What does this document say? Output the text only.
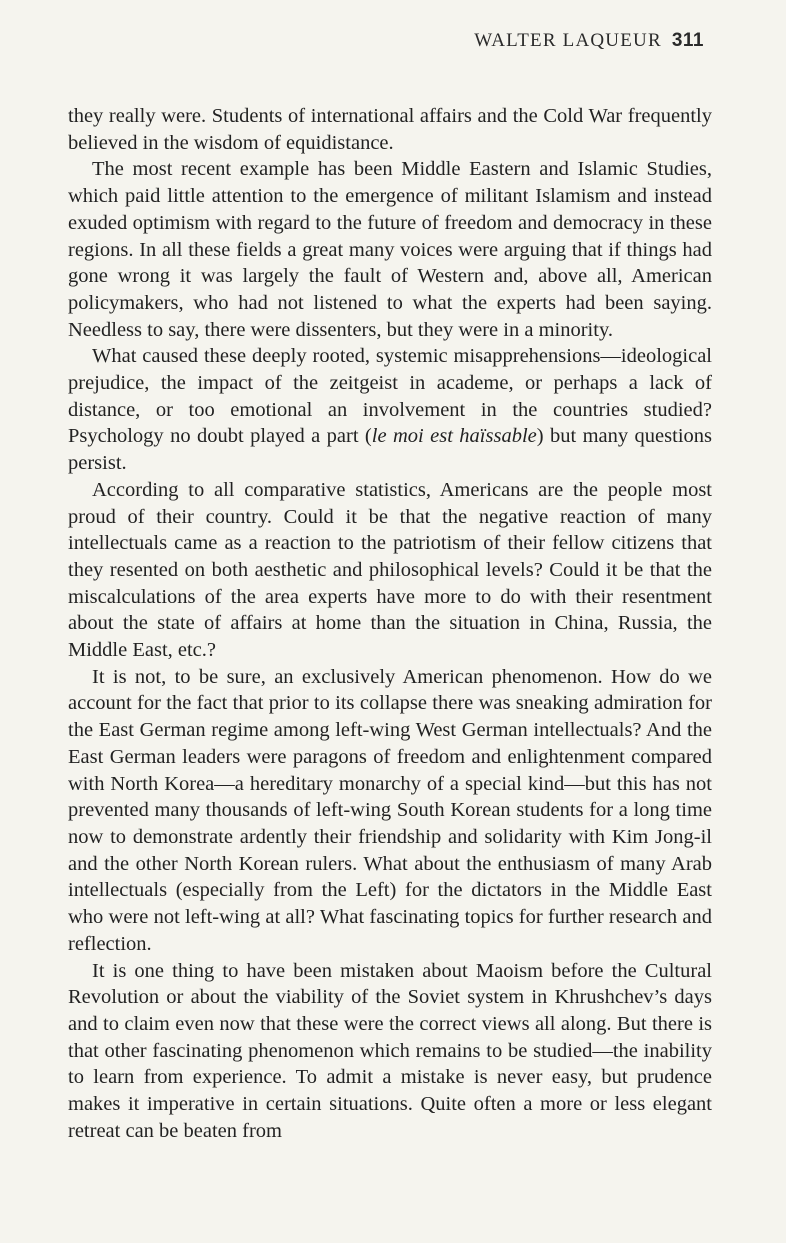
WALTER LAQUEUR 311

they really were. Students of international affairs and the Cold War frequently believed in the wisdom of equidistance.

The most recent example has been Middle Eastern and Islamic Studies, which paid little attention to the emergence of militant Islamism and instead exuded optimism with regard to the future of freedom and democracy in these regions. In all these fields a great many voices were arguing that if things had gone wrong it was largely the fault of Western and, above all, American policymakers, who had not listened to what the experts had been saying. Needless to say, there were dissenters, but they were in a minority.

What caused these deeply rooted, systemic misapprehensions—ideological prejudice, the impact of the zeitgeist in academe, or perhaps a lack of distance, or too emotional an involvement in the countries studied? Psychology no doubt played a part (le moi est haïssable) but many questions persist.

According to all comparative statistics, Americans are the people most proud of their country. Could it be that the negative reaction of many intellectuals came as a reaction to the patriotism of their fellow citizens that they resented on both aesthetic and philosophical levels? Could it be that the miscalculations of the area experts have more to do with their resentment about the state of affairs at home than the situation in China, Russia, the Middle East, etc.?

It is not, to be sure, an exclusively American phenomenon. How do we account for the fact that prior to its collapse there was sneaking admiration for the East German regime among left-wing West German intellectuals? And the East German leaders were paragons of freedom and enlightenment compared with North Korea—a hereditary monarchy of a special kind—but this has not prevented many thousands of left-wing South Korean students for a long time now to demonstrate ardently their friendship and solidarity with Kim Jong-il and the other North Korean rulers. What about the enthusiasm of many Arab intellectuals (especially from the Left) for the dictators in the Middle East who were not left-wing at all? What fascinating topics for further research and reflection.

It is one thing to have been mistaken about Maoism before the Cultural Revolution or about the viability of the Soviet system in Khrushchev’s days and to claim even now that these were the correct views all along. But there is that other fascinating phenomenon which remains to be studied—the inability to learn from experience. To admit a mistake is never easy, but prudence makes it imperative in certain situations. Quite often a more or less elegant retreat can be beaten from
